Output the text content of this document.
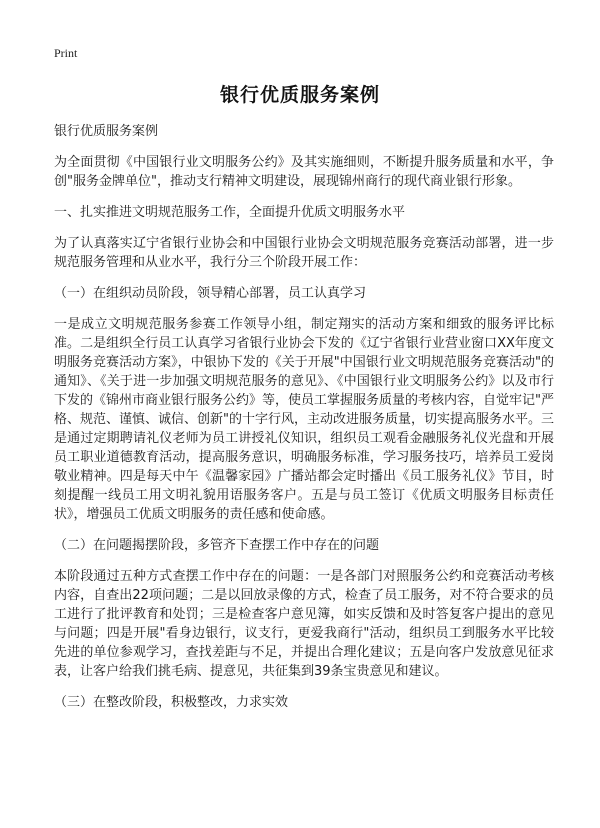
Print
银行优质服务案例

银行优质服务案例

为全面贯彻《中国银行业文明服务公约》及其实施细则，不断提升服务质量和水平，争创"服务金牌单位"，推动支行精神文明建设，展现锦州商行的现代商业银行形象。

一、扎实推进文明规范服务工作，全面提升优质文明服务水平

为了认真落实辽宁省银行业协会和中国银行业协会文明规范服务竞赛活动部署，进一步规范服务管理和从业水平，我行分三个阶段开展工作：

（一）在组织动员阶段，领导精心部署，员工认真学习

一是成立文明规范服务参赛工作领导小组，制定翔实的活动方案和细致的服务评比标准。二是组织全行员工认真学习省银行业协会下发的《辽宁省银行业营业窗口XX年度文明服务竞赛活动方案》，中银协下发的《关于开展"中国银行业文明规范服务竞赛活动"的通知》、《关于进一步加强文明规范服务的意见》、《中国银行业文明服务公约》以及市行下发的《锦州市商业银行服务公约》等，使员工掌握服务质量的考核内容，自觉牢记"严格、规范、谨慎、诚信、创新"的十字行风，主动改进服务质量，切实提高服务水平。三是通过定期聘请礼仪老师为员工讲授礼仪知识，组织员工观看金融服务礼仪光盘和开展员工职业道德教育活动，提高服务意识，明确服务标准，学习服务技巧，培养员工爱岗敬业精神。四是每天中午《温馨家园》广播站都会定时播出《员工服务礼仪》节目，时刻提醒一线员工用文明礼貌用语服务客户。五是与员工签订《优质文明服务目标责任状》，增强员工优质文明服务的责任感和使命感。

（二）在问题揭摆阶段，多管齐下查摆工作中存在的问题

本阶段通过五种方式查摆工作中存在的问题：一是各部门对照服务公约和竞赛活动考核内容，自查出22项问题；二是以回放录像的方式，检查了员工服务，对不符合要求的员工进行了批评教育和处罚；三是检查客户意见簿，如实反馈和及时答复客户提出的意见与问题；四是开展"看身边银行，议支行，更爱我商行"活动，组织员工到服务水平比较先进的单位参观学习，查找差距与不足，并提出合理化建议；五是向客户发放意见征求表，让客户给我们挑毛病、提意见，共征集到39条宝贵意见和建议。

（三）在整改阶段，积极整改，力求实效
